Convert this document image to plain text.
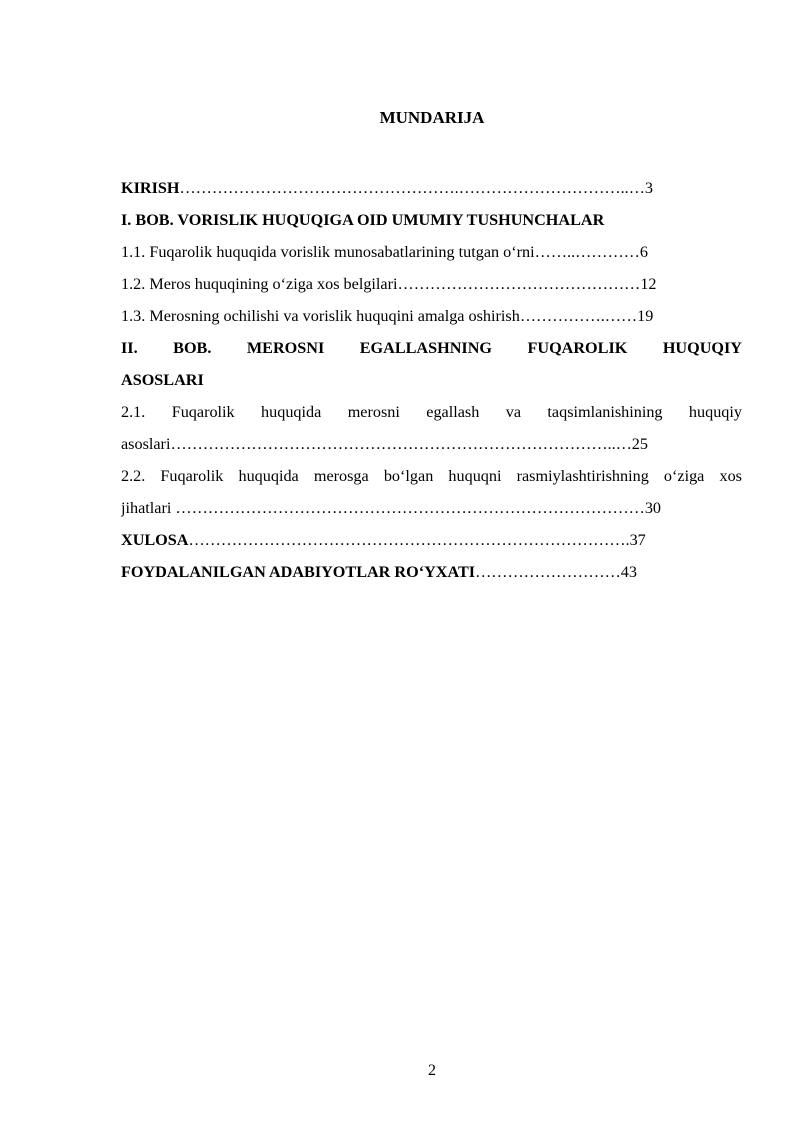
MUNDARIJA
KIRISH…………………………………………….…………………………..…3
I. BOB. VORISLIK HUQUQIGA OID UMUMIY TUSHUNCHALAR
1.1. Fuqarolik huquqida vorislik munosabatlarining tutgan o‘rni……..…………6
1.2. Meros huquqining o‘ziga xos belgilari………………………………………12
1.3. Merosning ochilishi va vorislik huquqini amalga oshirish…………….……19
II. BOB. MEROSNI EGALLASHNING FUQAROLIK HUQUQIY
ASOSLARI
2.1. Fuqarolik huquqida merosni egallash va taqsimlanishining huquqiy
asoslari………………………………………………………………………..…25
2.2. Fuqarolik huquqida merosga bo‘lgan huquqni rasmiylashtirishning o‘ziga xos
jihatlari ……………………………………………………………………………30
XULOSA……………………………………………………………………….37
FOYDALANILGAN ADABIYOTLAR RO‘YXATI………………………43
2
